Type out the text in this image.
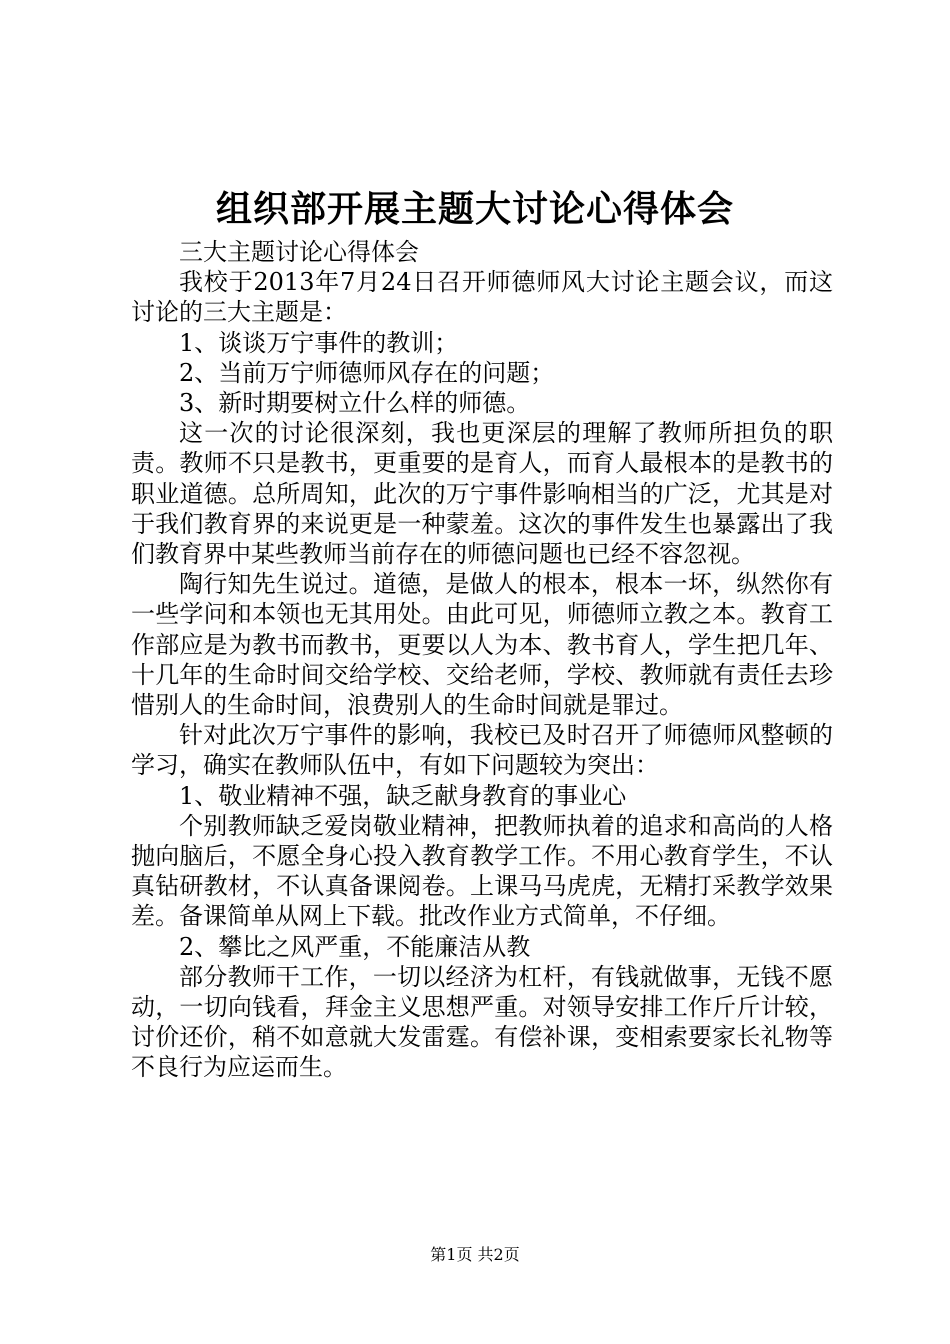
组织部开展主题大讨论心得体会

三大主题讨论心得体会

我校于2013年7月24日召开师德师风大讨论主题会议，而这讨论的三大主题是：

1、谈谈万宁事件的教训；

2、当前万宁师德师风存在的问题；

3、新时期要树立什么样的师德。

这一次的讨论很深刻，我也更深层的理解了教师所担负的职责。教师不只是教书，更重要的是育人，而育人最根本的是教书的职业道德。总所周知，此次的万宁事件影响相当的广泛，尤其是对于我们教育界的来说更是一种蒙羞。这次的事件发生也暴露出了我们教育界中某些教师当前存在的师德问题也已经不容忽视。

陶行知先生说过。道德，是做人的根本，根本一坏，纵然你有一些学问和本领也无其用处。由此可见，师德师立教之本。教育工作部应是为教书而教书，更要以人为本、教书育人，学生把几年、十几年的生命时间交给学校、交给老师，学校、教师就有责任去珍惜别人的生命时间，浪费别人的生命时间就是罪过。

针对此次万宁事件的影响，我校已及时召开了师德师风整顿的学习，确实在教师队伍中，有如下问题较为突出：

1、敬业精神不强，缺乏献身教育的事业心

个别教师缺乏爱岗敬业精神，把教师执着的追求和高尚的人格抛向脑后，不愿全身心投入教育教学工作。不用心教育学生，不认真钻研教材，不认真备课阅卷。上课马马虎虎，无精打采教学效果差。备课简单从网上下载。批改作业方式简单，不仔细。

2、攀比之风严重，不能廉洁从教

部分教师干工作，一切以经济为杠杆，有钱就做事，无钱不愿动，一切向钱看，拜金主义思想严重。对领导安排工作斤斤计较，讨价还价，稍不如意就大发雷霆。有偿补课，变相索要家长礼物等不良行为应运而生。

第1页 共2页
